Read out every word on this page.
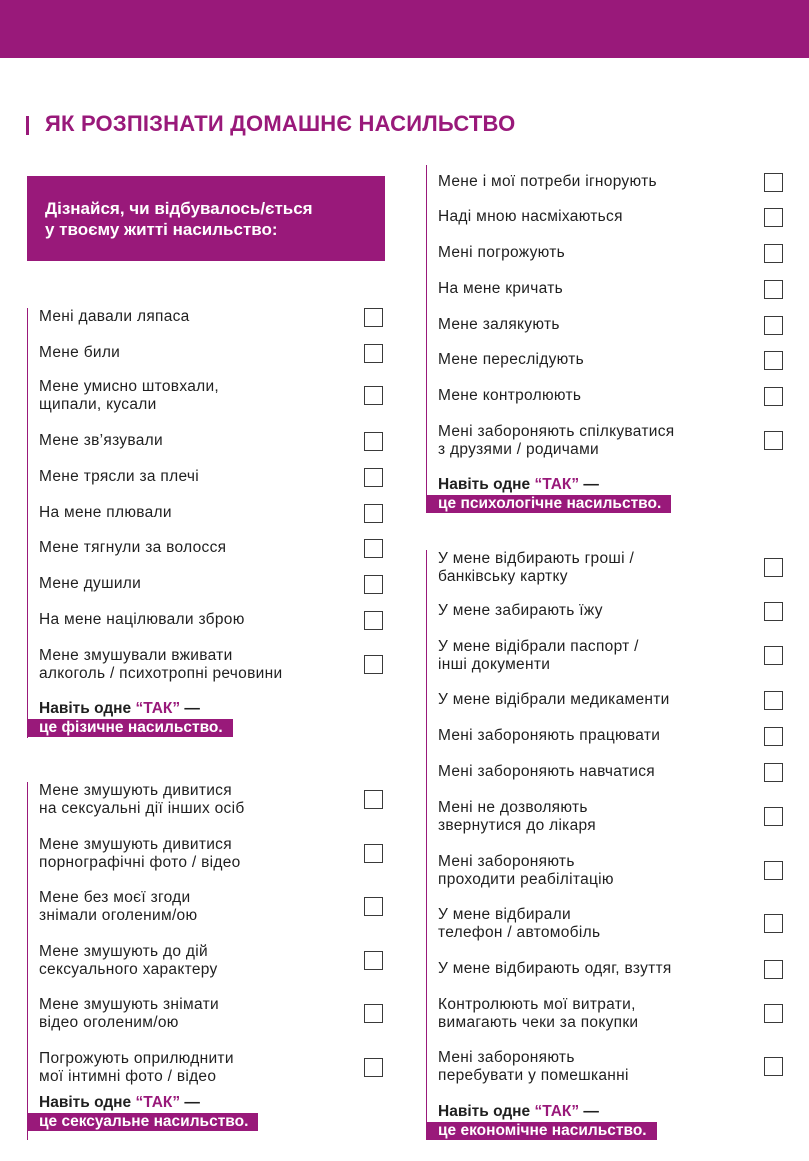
ЯК РОЗПІЗНАТИ ДОМАШНЄ НАСИЛЬСТВО
Дізнайся, чи відбувалось/ється
у твоєму житті насильство:
Мені давали ляпаса
Мене били
Мене умисно штовхали,
щипали, кусали
Мене зв’язували
Мене трясли за плечі
На мене плювали
Мене тягнули за волосся
Мене душили
На мене націлювали зброю
Мене змушували вживати
алкоголь / психотропні речовини
Навіть одне “ТАК” —
це фізичне насильство.
Мене змушують дивитися
на сексуальні дії інших осіб
Мене змушують дивитися
порнографічні фото / відео
Мене без моєї згоди
знімали оголеним/ою
Мене змушують до дій
сексуального характеру
Мене змушують знімати
відео оголеним/ою
Погрожують оприлюднити
мої інтимні фото / відео
Навіть одне “ТАК” —
це сексуальне насильство.
Мене і мої потреби ігнорують
Наді мною насміхаються
Мені погрожують
На мене кричать
Мене залякують
Мене переслідують
Мене контролюють
Мені забороняють спілкуватися
з друзями / родичами
Навіть одне “ТАК” —
це психологічне насильство.
У мене відбирають гроші /
банківську картку
У мене забирають їжу
У мене відібрали паспорт /
інші документи
У мене відібрали медикаменти
Мені забороняють працювати
Мені забороняють навчатися
Мені не дозволяють
звернутися до лікаря
Мені забороняють
проходити реабілітацію
У мене відбирали
телефон / автомобіль
У мене відбирають одяг, взуття
Контролюють мої витрати,
вимагають чеки за покупки
Мені забороняють
перебувати у помешканні
Навіть одне “ТАК” —
це економічне насильство.
